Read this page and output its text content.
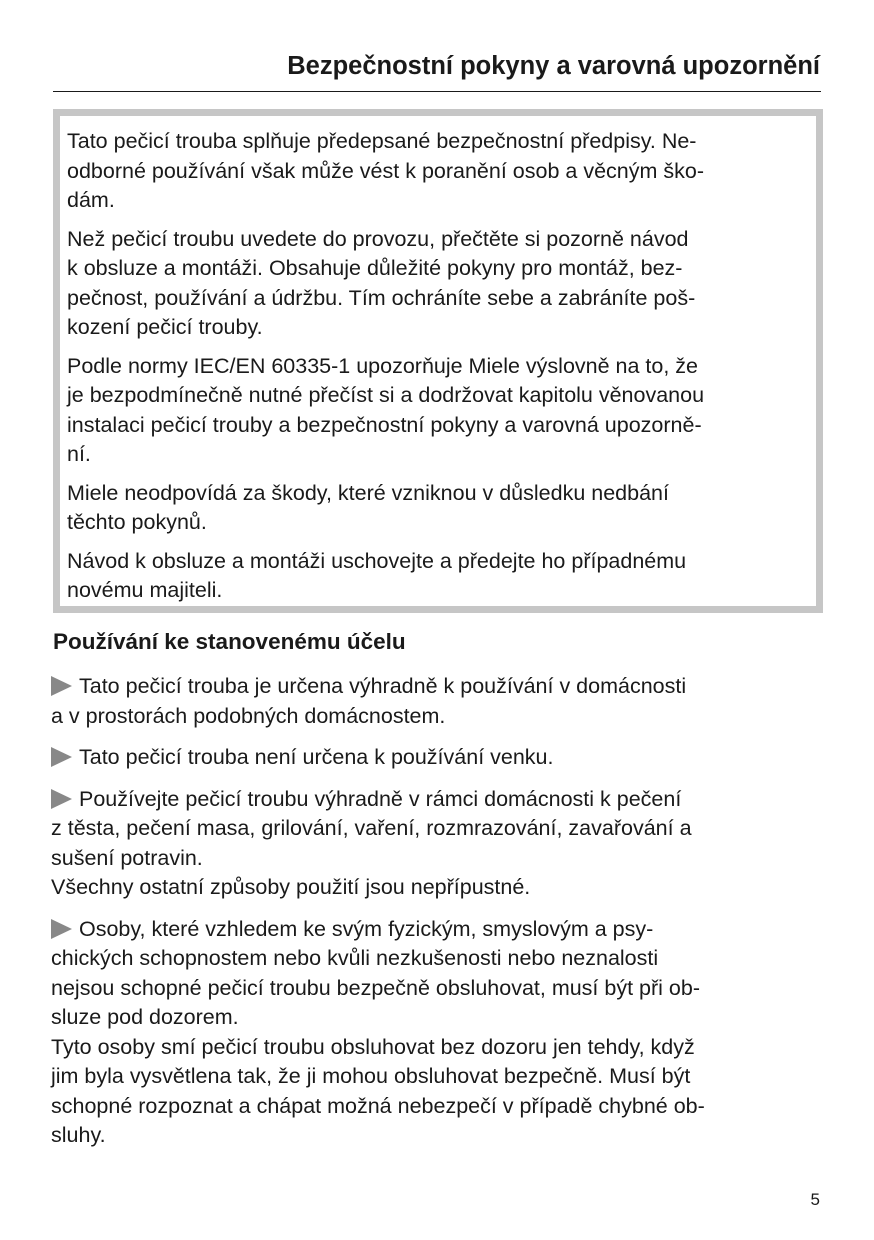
Bezpečnostní pokyny a varovná upozornění

Tato pečicí trouba splňuje předepsané bezpečnostní předpisy. Ne-
odborné používání však může vést k poranění osob a věcným ško-
dám.

Než pečicí troubu uvedete do provozu, přečtěte si pozorně návod
k obsluze a montáži. Obsahuje důležité pokyny pro montáž, bez-
pečnost, používání a údržbu. Tím ochráníte sebe a zabráníte poš-
kození pečicí trouby.

Podle normy IEC/EN 60335-1 upozorňuje Miele výslovně na to, že
je bezpodmínečně nutné přečíst si a dodržovat kapitolu věnovanou
instalaci pečicí trouby a bezpečnostní pokyny a varovná upozorně-
ní.

Miele neodpovídá za škody, které vzniknou v důsledku nedbání
těchto pokynů.

Návod k obsluze a montáži uschovejte a předejte ho případnému
novému majiteli.

Používání ke stanovenému účelu

Tato pečicí trouba je určena výhradně k používání v domácnosti
a v prostorách podobných domácnostem.

Tato pečicí trouba není určena k používání venku.

Používejte pečicí troubu výhradně v rámci domácnosti k pečení
z těsta, pečení masa, grilování, vaření, rozmrazování, zavařování a
sušení potravin.
Všechny ostatní způsoby použití jsou nepřípustné.

Osoby, které vzhledem ke svým fyzickým, smyslovým a psy-
chických schopnostem nebo kvůli nezkušenosti nebo neznalosti
nejsou schopné pečicí troubu bezpečně obsluhovat, musí být při ob-
sluze pod dozorem.
Tyto osoby smí pečicí troubu obsluhovat bez dozoru jen tehdy, když
jim byla vysvětlena tak, že ji mohou obsluhovat bezpečně. Musí být
schopné rozpoznat a chápat možná nebezpečí v případě chybné ob-
sluhy.

5
